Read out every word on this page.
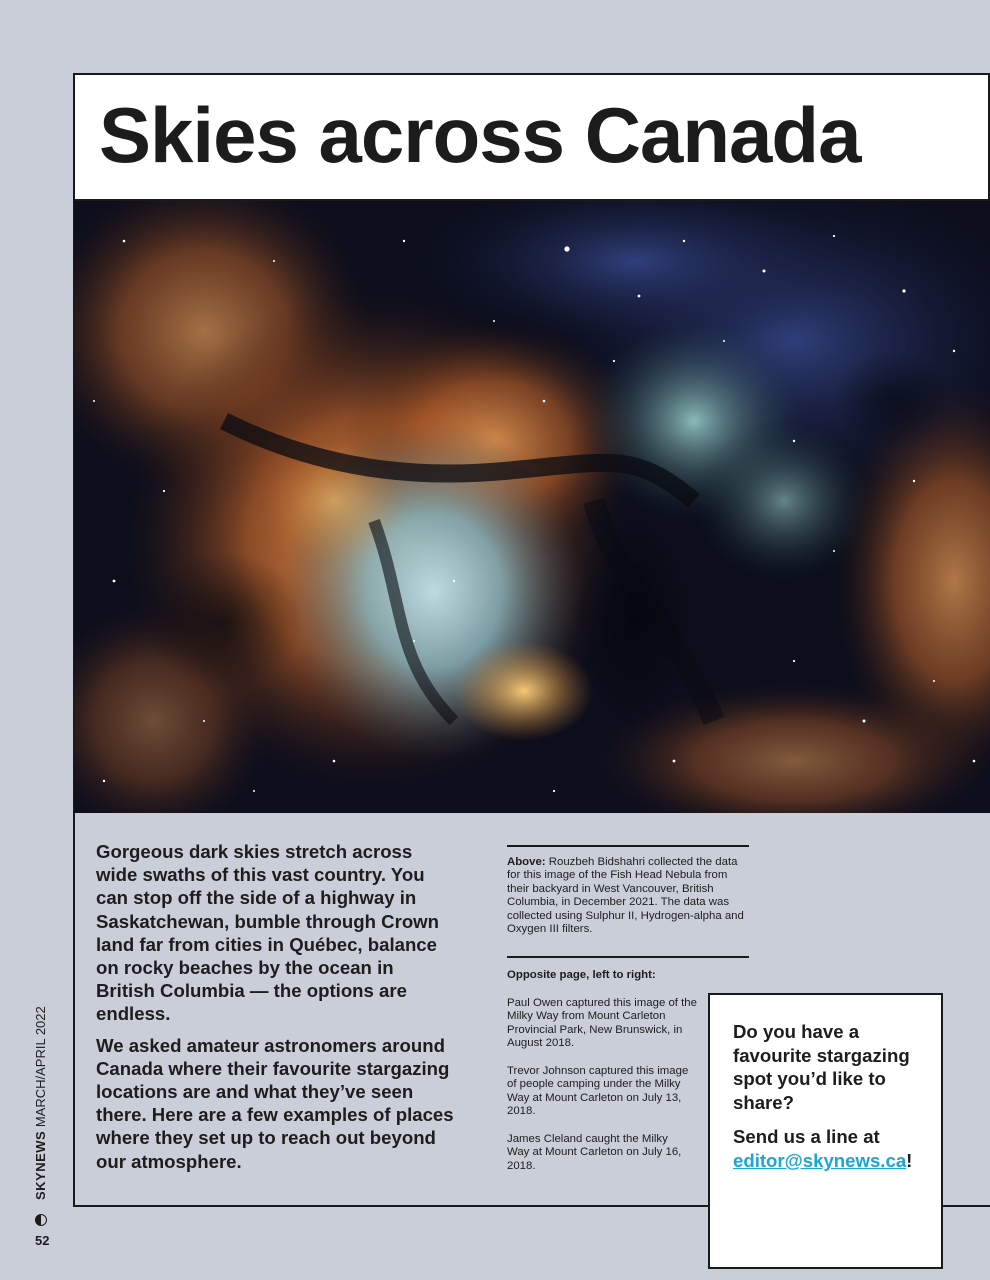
Skies across Canada

Gorgeous dark skies stretch across wide swaths of this vast country. You can stop off the side of a highway in Saskatchewan, bumble through Crown land far from cities in Québec, balance on rocky beaches by the ocean in British Columbia — the options are endless.

We asked amateur astronomers around Canada where their favourite stargazing locations are and what they’ve seen there. Here are a few examples of places where they set up to reach out beyond our atmosphere.

Above: Rouzbeh Bidshahri collected the data for this image of the Fish Head Nebula from their backyard in West Vancouver, British Columbia, in December 2021. The data was collected using Sulphur II, Hydrogen-alpha and Oxygen III filters.
Opposite page, left to right:
Paul Owen captured this image of the Milky Way from Mount Carleton Provincial Park, New Brunswick, in August 2018.
Trevor Johnson captured this image of people camping under the Milky Way at Mount Carleton on July 13, 2018.
James Cleland caught the Milky Way at Mount Carleton on July 16, 2018.

Do you have a favourite stargazing spot you’d like to share?

Send us a line at editor@skynews.ca!

SKYNEWS MARCH/APRIL 2022
52
